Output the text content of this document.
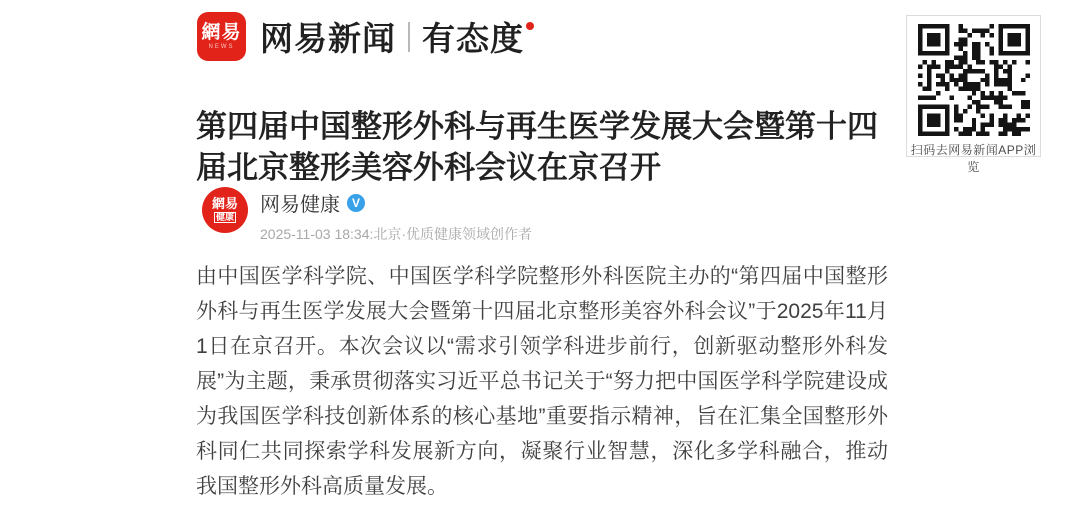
網易
NEWS 网易新闻 有态度
扫码去网易新闻APP浏览
第四届中国整形外科与再生医学发展大会暨第十四届北京整形美容外科会议在京召开
網易
健康
网易健康 V
2025-11-03 18:34:北京·优质健康领域创作者
由中国医学科学院、中国医学科学院整形外科医院主办的“第四届中国整形外科与再生医学发展大会暨第十四届北京整形美容外科会议”于2025年11月1日在京召开。本次会议以“需求引领学科进步前行，创新驱动整形外科发展”为主题，秉承贯彻落实习近平总书记关于“努力把中国医学科学院建设成为我国医学科技创新体系的核心基地”重要指示精神，旨在汇集全国整形外科同仁共同探索学科发展新方向，凝聚行业智慧，深化多学科融合，推动我国整形外科高质量发展。
